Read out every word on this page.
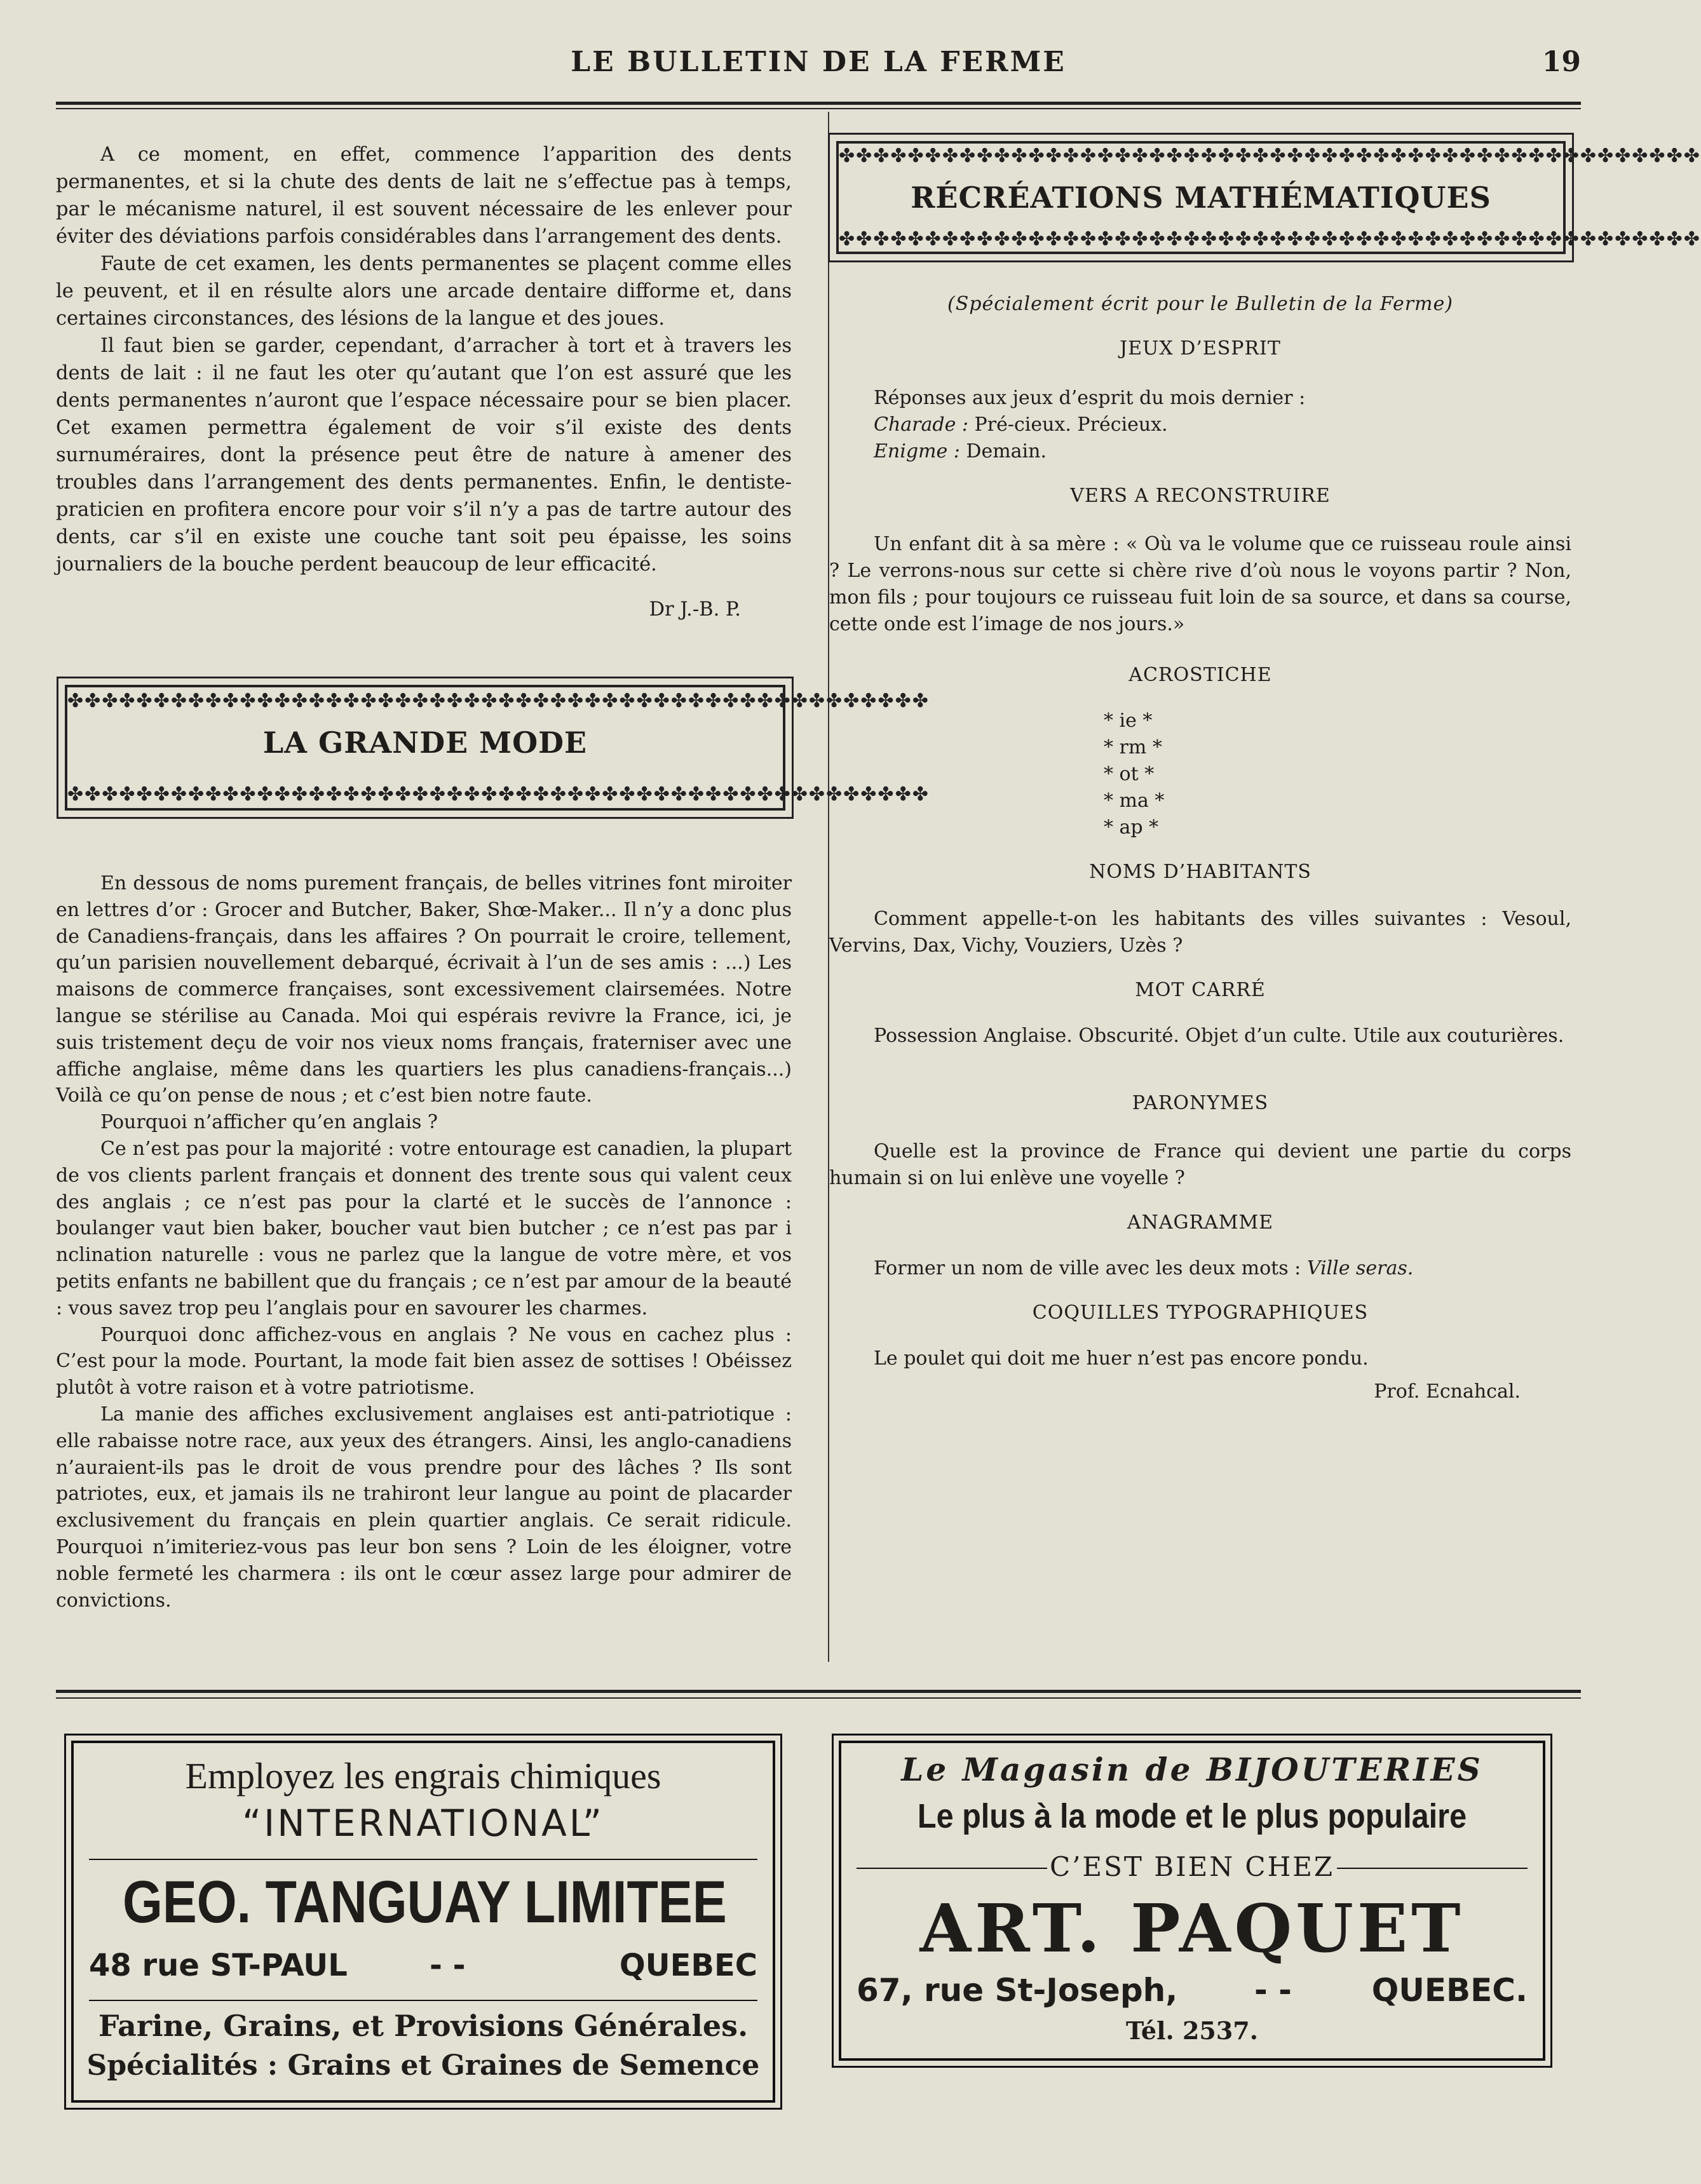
LE BULLETIN DE LA FERME	19

A ce moment, en effet, commence l’apparition des dents permanentes, et si la chute des dents de lait ne s’effectue pas à temps, par le mécanisme naturel, il est souvent nécessaire de les enlever pour éviter des déviations parfois considérables dans l’arrangement des dents.

Faute de cet examen, les dents permanentes se plaçent comme elles le peuvent, et il en résulte alors une arcade dentaire difforme et, dans certaines circonstances, des lésions de la langue et des joues.

Il faut bien se garder, cependant, d’arracher à tort et à travers les dents de lait : il ne faut les oter qu’autant que l’on est assuré que les dents permanentes n’auront que l’espace nécessaire pour se bien placer. Cet examen permettra également de voir s’il existe des dents surnuméraires, dont la présence peut être de nature à amener des troubles dans l’arrangement des dents permanentes. Enfin, le dentiste-praticien en profitera encore pour voir s’il n’y a pas de tartre autour des dents, car s’il en existe une couche tant soit peu épaisse, les soins journaliers de la bouche perdent beaucoup de leur efficacité.

Dr J.-B. P.

✤✤✤✤✤✤✤✤✤✤✤✤✤✤✤✤✤✤✤✤✤✤✤✤✤✤✤✤✤✤✤✤✤✤✤✤✤✤✤✤✤✤✤✤✤✤✤✤✤✤
LA GRANDE MODE
✤✤✤✤✤✤✤✤✤✤✤✤✤✤✤✤✤✤✤✤✤✤✤✤✤✤✤✤✤✤✤✤✤✤✤✤✤✤✤✤✤✤✤✤✤✤✤✤✤✤

En dessous de noms purement français, de belles vitrines font miroiter en lettres d’or : Grocer and Butcher, Baker, Shœ-Maker... Il n’y a donc plus de Canadiens-français, dans les affaires ? On pourrait le croire, tellement, qu’un parisien nouvellement debarqué, écrivait à l’un de ses amis : ...) Les maisons de commerce françaises, sont excessivement clairsemées. Notre langue se stérilise au Canada. Moi qui espérais revivre la France, ici, je suis tristement deçu de voir nos vieux noms français, fraterniser avec une affiche anglaise, même dans les quartiers les plus canadiens-français...) Voilà ce qu’on pense de nous ; et c’est bien notre faute.

Pourquoi n’afficher qu’en anglais ?

Ce n’est pas pour la majorité : votre entourage est canadien, la plupart de vos clients parlent français et donnent des trente sous qui valent ceux des anglais ; ce n’est pas pour la clarté et le succès de l’annonce : boulanger vaut bien baker, boucher vaut bien butcher ; ce n’est pas par i nclination naturelle : vous ne parlez que la langue de votre mère, et vos petits enfants ne babillent que du français ; ce n’est par amour de la beauté : vous savez trop peu l’anglais pour en savourer les charmes.

Pourquoi donc affichez-vous en anglais ? Ne vous en cachez plus : C’est pour la mode. Pourtant, la mode fait bien assez de sottises ! Obéissez plutôt à votre raison et à votre patriotisme.

La manie des affiches exclusivement anglaises est anti-patriotique : elle rabaisse notre race, aux yeux des étrangers. Ainsi, les anglo-canadiens n’auraient-ils pas le droit de vous prendre pour des lâches ? Ils sont patriotes, eux, et jamais ils ne trahiront leur langue au point de placarder exclusivement du français en plein quartier anglais. Ce serait ridicule. Pourquoi n’imiteriez-vous pas leur bon sens ? Loin de les éloigner, votre noble fermeté les charmera : ils ont le cœur assez large pour admirer de convictions.

✤✤✤✤✤✤✤✤✤✤✤✤✤✤✤✤✤✤✤✤✤✤✤✤✤✤✤✤✤✤✤✤✤✤✤✤✤✤✤✤✤✤✤✤✤✤✤✤✤✤
RÉCRÉATIONS MATHÉMATIQUES
✤✤✤✤✤✤✤✤✤✤✤✤✤✤✤✤✤✤✤✤✤✤✤✤✤✤✤✤✤✤✤✤✤✤✤✤✤✤✤✤✤✤✤✤✤✤✤✤✤✤

(Spécialement écrit pour le Bulletin de la Ferme)

JEUX D’ESPRIT

Réponses aux jeux d’esprit du mois dernier :

Charade : Pré-cieux. Précieux.

Enigme : Demain.

VERS A RECONSTRUIRE

Un enfant dit à sa mère : « Où va le volume que ce ruisseau roule ainsi ? Le verrons-nous sur cette si chère rive d’où nous le voyons partir ? Non, mon fils ; pour toujours ce ruisseau fuit loin de sa source, et dans sa course, cette onde est l’image de nos jours.»

ACROSTICHE

* ie *
* rm *
* ot *
* ma *
* ap *

NOMS D’HABITANTS

Comment appelle-t-on les habitants des villes suivantes : Vesoul, Vervins, Dax, Vichy, Vouziers, Uzès ?

MOT CARRÉ

Possession Anglaise. Obscurité. Objet d’un culte. Utile aux couturières.

PARONYMES

Quelle est la province de France qui devient une partie du corps humain si on lui enlève une voyelle ?

ANAGRAMME

Former un nom de ville avec les deux mots : Ville seras.

COQUILLES TYPOGRAPHIQUES

Le poulet qui doit me huer n’est pas encore pondu.

Prof. Ecnahcal.

Employez les engrais chimiques
“INTERNATIONAL”
GEO. TANGUAY LIMITEE
48 rue ST-PAUL	- -	QUEBEC
Farine, Grains, et Provisions Générales.
Spécialités : Grains et Graines de Semence
Le Magasin de BIJOUTERIES
Le plus à la mode et le plus populaire
C’EST BIEN CHEZ
ART. PAQUET
67, rue St-Joseph, - -	QUEBEC.
Tél. 2537.
